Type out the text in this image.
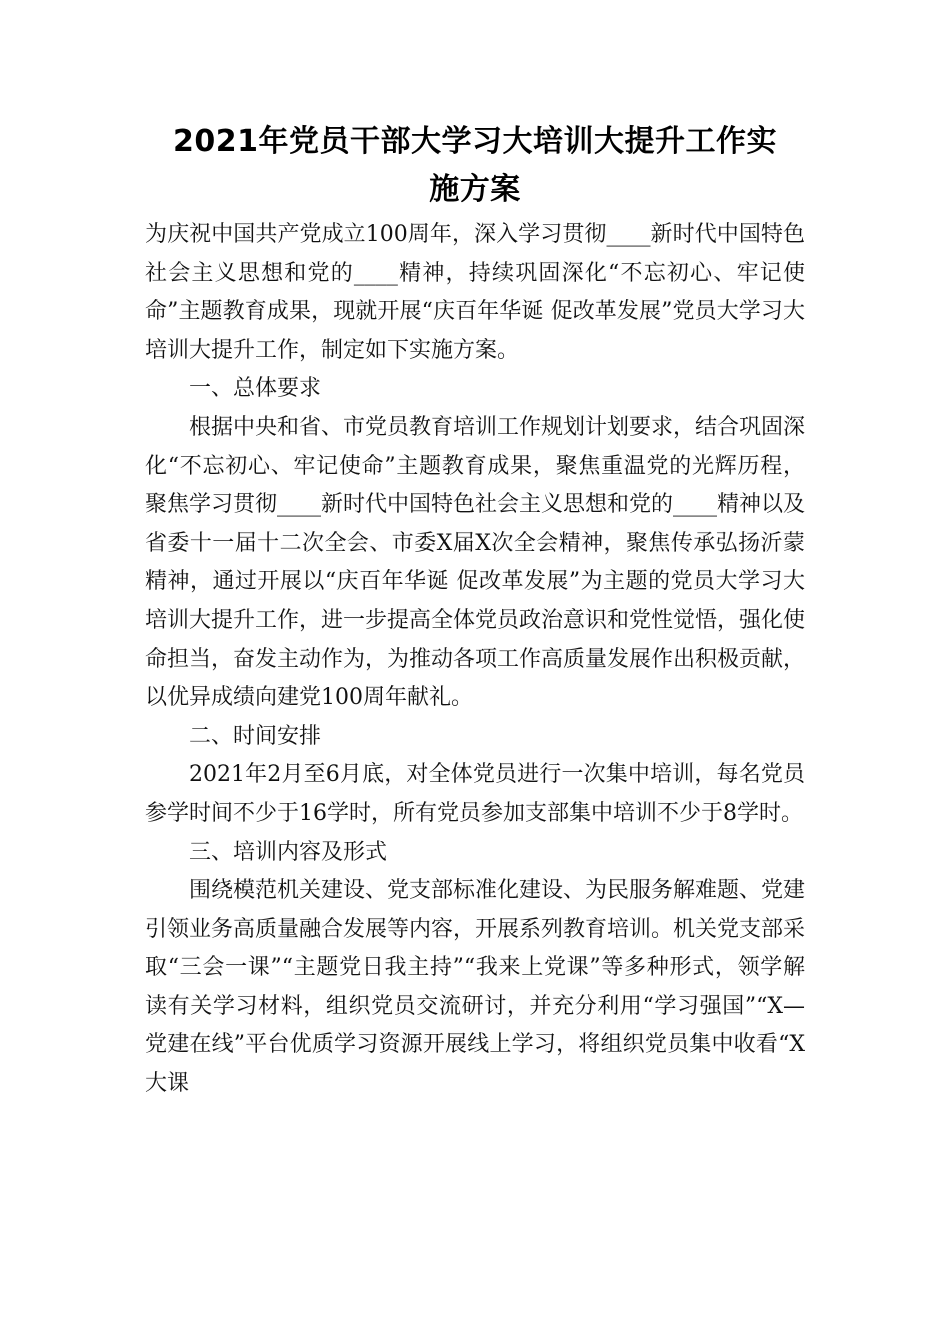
2021年党员干部大学习大培训大提升工作实
施方案

为庆祝中国共产党成立100周年，深入学习贯彻____新时代中国特色社会主义思想和党的____精神，持续巩固深化“不忘初心、牢记使命”主题教育成果，现就开展“庆百年华诞 促改革发展”党员大学习大培训大提升工作，制定如下实施方案。

一、总体要求

根据中央和省、市党员教育培训工作规划计划要求，结合巩固深化“不忘初心、牢记使命”主题教育成果，聚焦重温党的光辉历程，聚焦学习贯彻____新时代中国特色社会主义思想和党的____精神以及省委十一届十二次全会、市委X届X次全会精神，聚焦传承弘扬沂蒙精神，通过开展以“庆百年华诞 促改革发展”为主题的党员大学习大培训大提升工作，进一步提高全体党员政治意识和党性觉悟，强化使命担当，奋发主动作为，为推动各项工作高质量发展作出积极贡献，以优异成绩向建党100周年献礼。

二、时间安排

2021年2月至6月底，对全体党员进行一次集中培训，每名党员参学时间不少于16学时，所有党员参加支部集中培训不少于8学时。

三、培训内容及形式

围绕模范机关建设、党支部标准化建设、为民服务解难题、党建引领业务高质量融合发展等内容，开展系列教育培训。机关党支部采取“三会一课”“主题党日我主持”“我来上党课”等多种形式，领学解读有关学习材料，组织党员交流研讨，并充分利用“学习强国”“X—党建在线”平台优质学习资源开展线上学习，将组织党员集中收看“X大课
